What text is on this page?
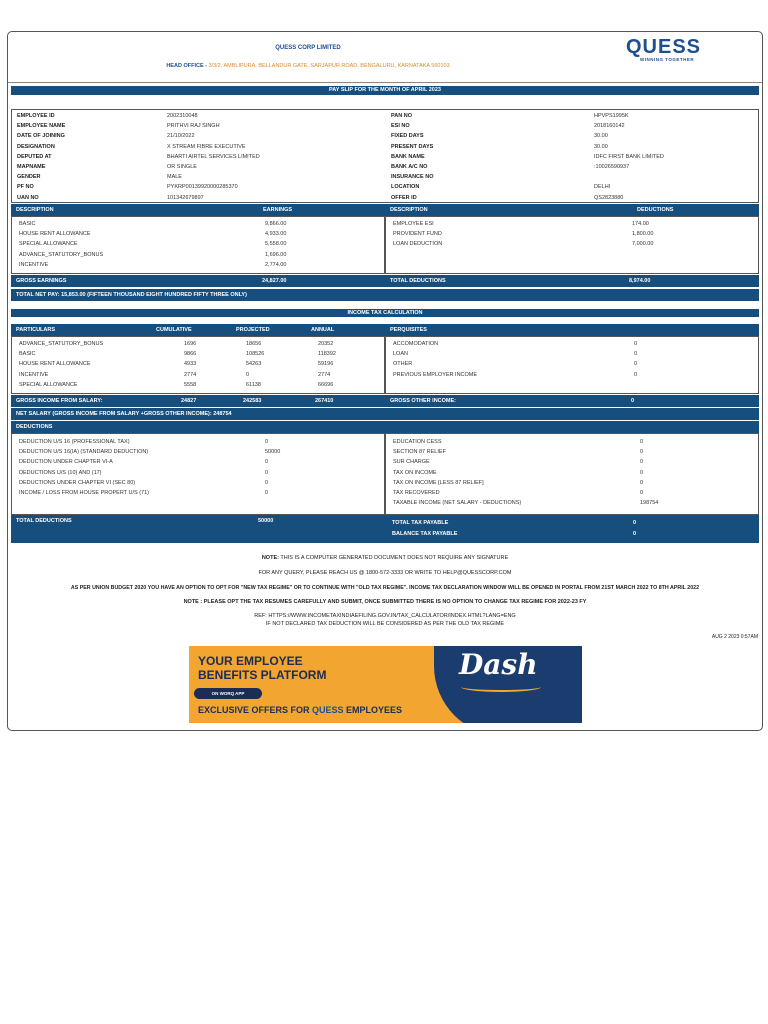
QUESS CORP LIMITED
HEAD OFFICE - 3/3/2, AMBLIPURA, BELLANDUR GATE, SARJAPUR ROAD, BENGALURU, KARNATAKA 560103
QUESS
WINNING TOGETHER
PAY SLIP FOR THE MONTH OF APRIL 2023
EMPLOYEE ID	2002310048
EMPLOYEE NAME	PRITHVI RAJ SINGH
DATE OF JOINING	21/10/2022
DESIGNATION	X STREAM FIBRE EXECUTIVE
DEPUTED AT	BHARTI AIRTEL SERVICES LIMITED
MAPNAME	OR SINGLE
GENDER	MALE
PF NO	PYKRP00139920000285370
UAN NO	101342679897
PAN NO	HPVPS1995K
ESI NO	2018160142
FIXED DAYS	30.00
PRESENT DAYS	30.00
BANK NAME	IDFC FIRST BANK LIMITED
BANK A/C NO	:10026590937
INSURANCE NO
LOCATION	DELHI
OFFER ID	QS2823880
DESCRIPTION	EARNINGS	DESCRIPTION	DEDUCTIONS
BASIC	9,866.00
HOUSE RENT ALLOWANCE	4,933.00
SPECIAL ALLOWANCE	5,558.00
ADVANCE_STATUTORY_BONUS	1,696.00
INCENTIVE	2,774.00
EMPLOYEE ESI	174.00
PROVIDENT FUND	1,800.00
LOAN DEDUCTION	7,000.00
GROSS EARNINGS	24,827.00	TOTAL DEDUCTIONS	8,974.00
TOTAL NET PAY: 15,853.00 (FIFTEEN THOUSAND EIGHT HUNDRED FIFTY THREE ONLY)
INCOME TAX CALCULATION
PARTICULARS	CUMULATIVE	PROJECTED	ANNUAL	PERQUISITES
ADVANCE_STATUTORY_BONUS	1696	18656	20352
BASIC	9866	108526	118392
HOUSE RENT ALLOWANCE	4933	54263	59196
INCENTIVE	2774	0	2774
SPECIAL ALLOWANCE	5558	61138	66696
ACCOMODATION	0
LOAN	0
OTHER	0
PREVIOUS EMPLOYER INCOME	0
GROSS INCOME FROM SALARY:	24827	242583	267410	GROSS OTHER INCOME:	0
NET SALARY (GROSS INCOME FROM SALARY +GROSS OTHER INCOME): 248754
DEDUCTIONS
DEDUCTION U/S 16 (PROFESSIONAL TAX)	0
DEDUCTION U/S 16(IA) (STANDARD DEDUCTION)	50000
DEDUCTION UNDER CHAPTER VI-A	0
DEDUCTIONS U/S (10) AND (17)	0
DEDUCTIONS UNDER CHAPTER VI (SEC 80)	0
INCOME / LOSS FROM HOUSE PROPERT U/S (71)	0
EDUCATION CESS	0
SECTION 87 RELIEF	0
SUR CHARGE	0
TAX ON INCOME	0
TAX ON INCOME [LESS 87 RELIEF]	0
TAX RECOVERED	0
TAXABLE INCOME (NET SALARY - DEDUCTIONS)	198754
TOTAL DEDUCTIONS	50000	TOTAL TAX PAYABLE	0
BALANCE TAX PAYABLE	0
NOTE: THIS IS A COMPUTER GENERATED DOCUMENT DOES NOT REQUIRE ANY SIGNATURE
FOR ANY QUERY, PLEASE REACH US @ 1800-572-3333 OR WRITE TO HELP@QUESSCORP.COM
AS PER UNION BUDGET 2020 YOU HAVE AN OPTION TO OPT FOR "NEW TAX REGIME" OR TO CONTINUE WITH "OLD TAX REGIME". INCOME TAX DECLARATION WINDOW WILL BE OPENED IN PORTAL FROM 21ST MARCH 2022 TO 8TH APRIL 2022
NOTE : PLEASE OPT THE TAX RESUMES CAREFULLY AND SUBMIT, ONCE SUBMITTED THERE IS NO OPTION TO CHANGE TAX REGIME FOR 2022-23 FY
REF: HTTPS://WWW.INCOMETAXINDIAEFILING.GOV.IN/TAX_CALCULATOR/INDEX.HTML?LANG=ENG
IF NOT DECLARED TAX DEDUCTION WILL BE CONSIDERED AS PER THE OLD TAX REGIME
AUG 2 2023 0:57AM
Dash
YOUR EMPLOYEE
BENEFITS PLATFORM
ON WORQ APP
EXCLUSIVE OFFERS FOR QUESS EMPLOYEES
